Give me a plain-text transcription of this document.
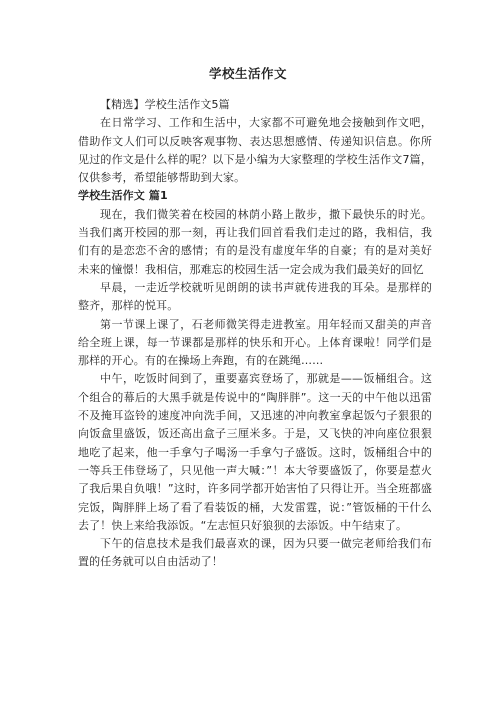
学校生活作文

【精选】学校生活作文5篇

在日常学习、工作和生活中，大家都不可避免地会接触到作文吧，借助作文人们可以反映客观事物、表达思想感情、传递知识信息。你所见过的作文是什么样的呢？以下是小编为大家整理的学校生活作文7篇，仅供参考，希望能够帮助到大家。

学校生活作文 篇1

现在，我们微笑着在校园的林荫小路上散步，撒下最快乐的时光。当我们离开校园的那一刻，再让我们回首看我们走过的路，我相信，我们有的是恋恋不舍的感情；有的是没有虚度年华的自豪；有的是对美好未来的憧憬！我相信，那难忘的校园生活一定会成为我们最美好的回忆

早晨，一走近学校就听见朗朗的读书声就传进我的耳朵。是那样的整齐，那样的悦耳。

第一节课上课了，石老师微笑得走进教室。用年轻而又甜美的声音给全班上课，每一节课都是那样的快乐和开心。上体育课啦！同学们是那样的开心。有的在操场上奔跑，有的在跳绳……

中午，吃饭时间到了，重要嘉宾登场了，那就是——饭桶组合。这个组合的幕后的大黑手就是传说中的“陶胖胖”。这一天的中午他以迅雷不及掩耳盗铃的速度冲向洗手间，又迅速的冲向教室拿起饭勺子狠狠的向饭盒里盛饭，饭还高出盒子三厘米多。于是，又飞快的冲向座位狠狠地吃了起来，他一手拿勺子喝汤一手拿勺子盛饭。这时，饭桶组合中的一等兵王伟登场了，只见他一声大喊：”！本大爷要盛饭了，你要是惹火了我后果自负哦！”这时，许多同学都开始害怕了只得让开。当全班都盛完饭，陶胖胖上场了看了看装饭的桶，大发雷霆，说：”管饭桶的干什么去了！快上来给我添饭。“左志恒只好狼狈的去添饭。中午结束了。

下午的信息技术是我们最喜欢的课，因为只要一做完老师给我们布置的任务就可以自由活动了！
